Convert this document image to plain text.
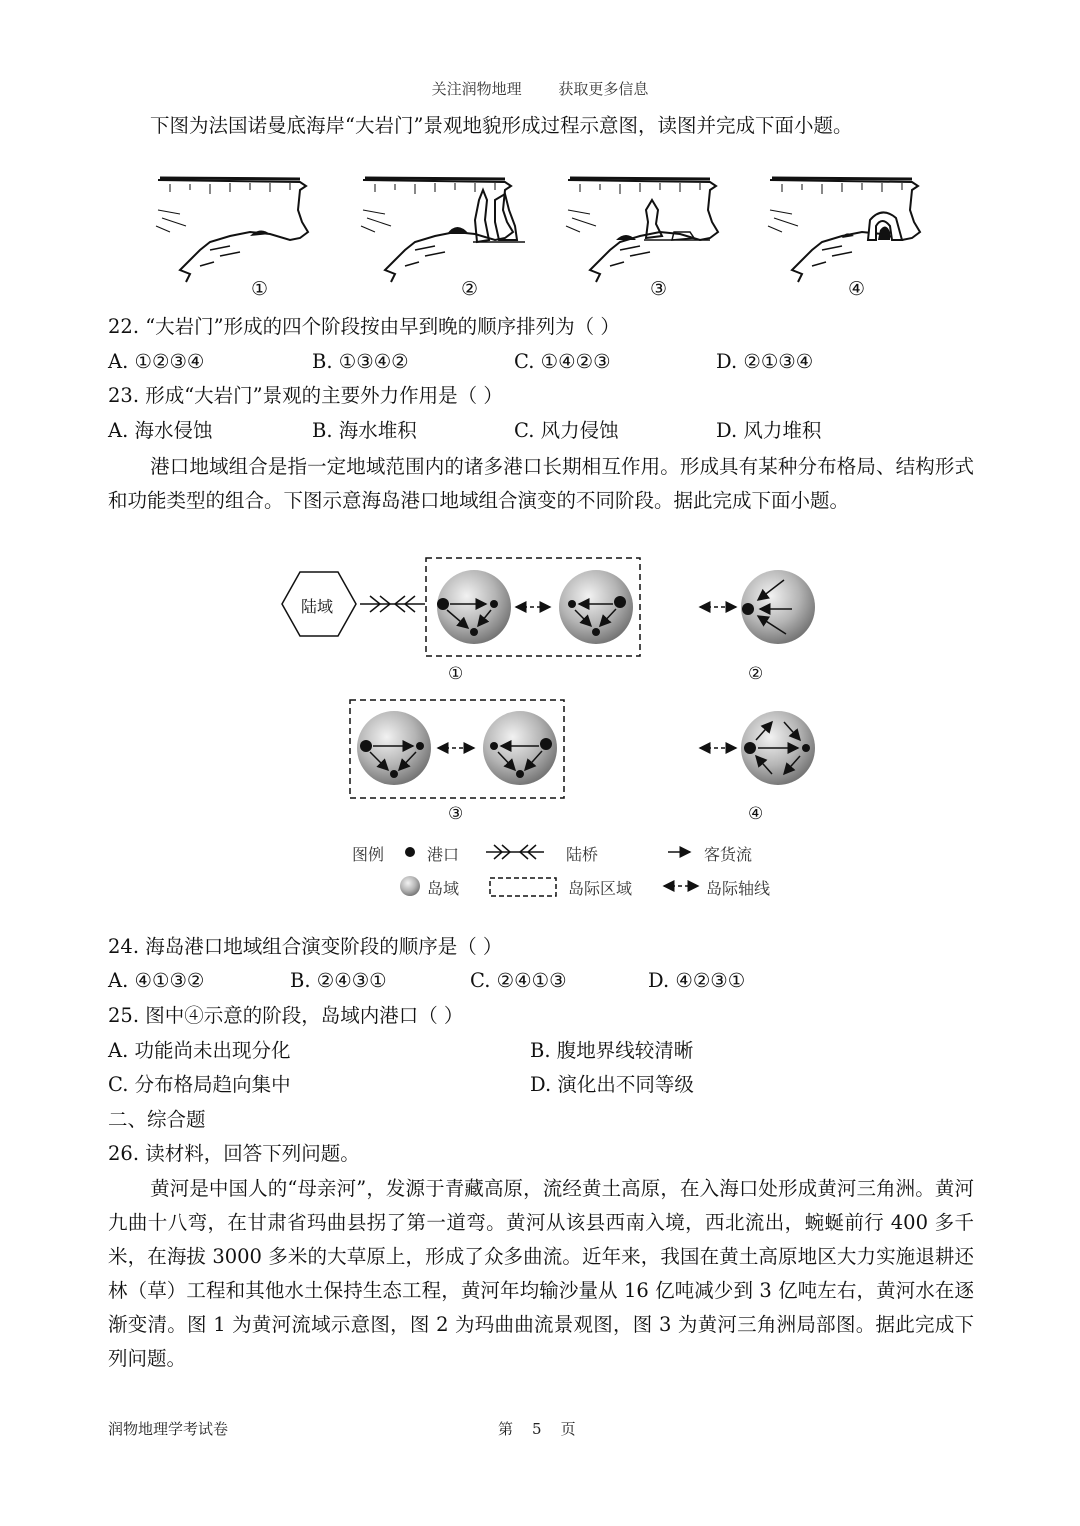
关注润物地理 获取更多信息
下图为法国诺曼底海岸“大岩门”景观地貌形成过程示意图，读图并完成下面小题。
①	②	③	④
22. “大岩门”形成的四个阶段按由早到晚的顺序排列为（ ）
A. ①②③④	B. ①③④②	C. ①④②③	D. ②①③④
23. 形成“大岩门”景观的主要外力作用是（ ）
A. 海水侵蚀	B. 海水堆积	C. 风力侵蚀	D. 风力堆积
港口地域组合是指一定地域范围内的诸多港口长期相互作用。形成具有某种分布格局、结构形式和功能类型的组合。下图示意海岛港口地域组合演变的不同阶段。据此完成下面小题。
陆域
①	②
③	④
图例	港口	陆桥	客货流
岛域	岛际区域	岛际轴线
24. 海岛港口地域组合演变阶段的顺序是（ ）
A. ④①③②	B. ②④③①	C. ②④①③	D. ④②③①
25. 图中④示意的阶段，岛域内港口（ ）
A. 功能尚未出现分化	B. 腹地界线较清晰
C. 分布格局趋向集中	D. 演化出不同等级
二、综合题
26. 读材料，回答下列问题。
黄河是中国人的“母亲河”，发源于青藏高原，流经黄土高原，在入海口处形成黄河三角洲。黄河九曲十八弯，在甘肃省玛曲县拐了第一道弯。黄河从该县西南入境，西北流出，蜿蜒前行 400 多千米，在海拔 3000 多米的大草原上，形成了众多曲流。近年来，我国在黄土高原地区大力实施退耕还林（草）工程和其他水土保持生态工程，黄河年均输沙量从 16 亿吨减少到 3 亿吨左右，黄河水在逐渐变清。图 1 为黄河流域示意图，图 2 为玛曲曲流景观图，图 3 为黄河三角洲局部图。据此完成下列问题。
润物地理学考试卷	第 5 页
